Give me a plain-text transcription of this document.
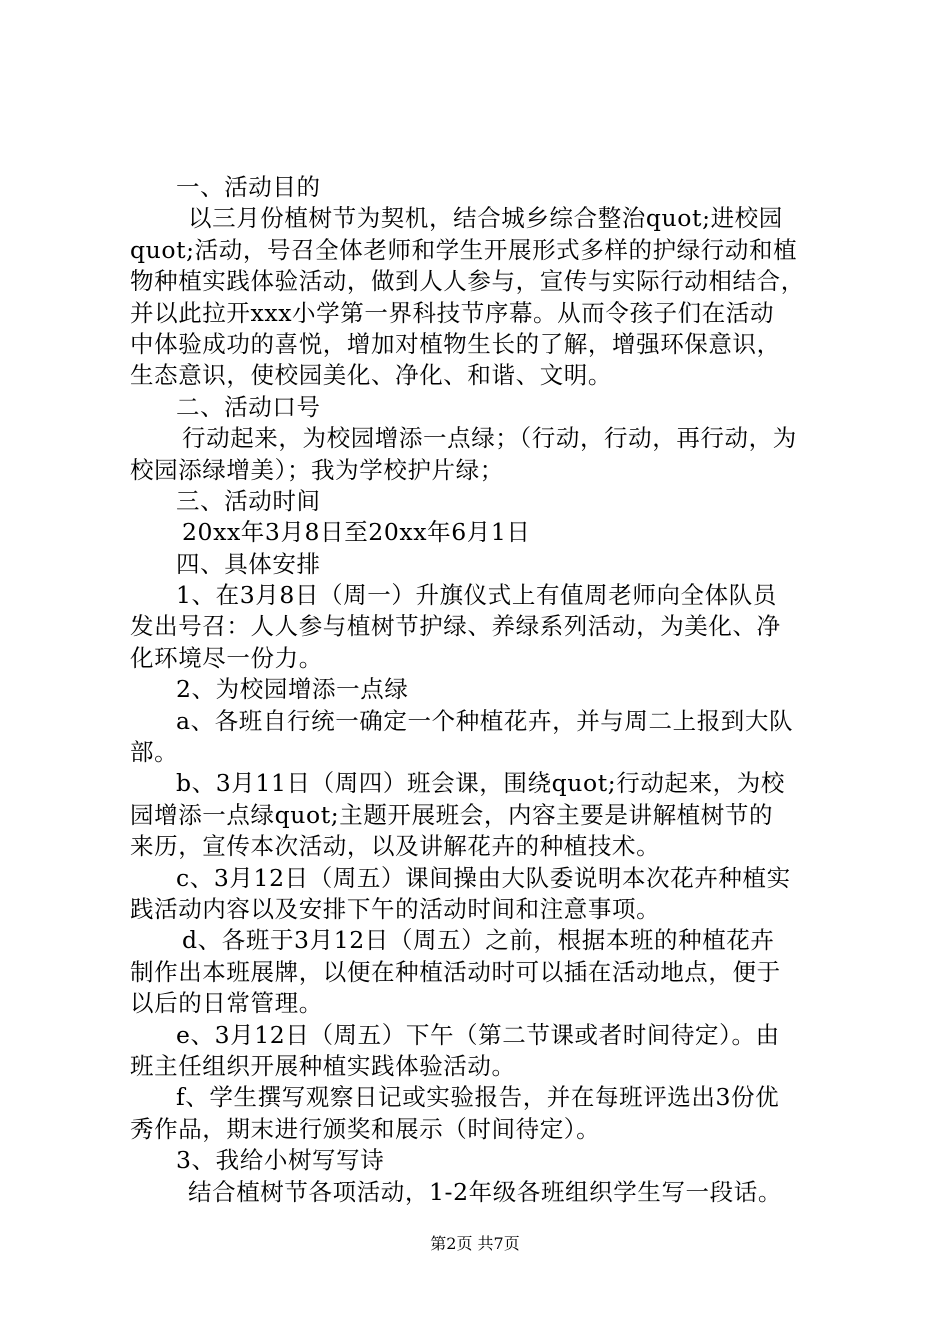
一、活动目的
以三月份植树节为契机，结合城乡综合整治quot;进校园
quot;活动，号召全体老师和学生开展形式多样的护绿行动和植
物种植实践体验活动，做到人人参与，宣传与实际行动相结合，
并以此拉开xxx小学第一界科技节序幕。从而令孩子们在活动
中体验成功的喜悦，增加对植物生长的了解，增强环保意识，
生态意识，使校园美化、净化、和谐、文明。
二、活动口号
行动起来，为校园增添一点绿；（行动，行动，再行动，为
校园添绿增美）；我为学校护片绿；
三、活动时间
20xx年3月8日至20xx年6月1日
四、具体安排
1、在3月8日（周一）升旗仪式上有值周老师向全体队员
发出号召：人人参与植树节护绿、养绿系列活动，为美化、净
化环境尽一份力。
2、为校园增添一点绿
a、各班自行统一确定一个种植花卉，并与周二上报到大队
部。
b、3月11日（周四）班会课，围绕quot;行动起来，为校
园增添一点绿quot;主题开展班会，内容主要是讲解植树节的
来历，宣传本次活动，以及讲解花卉的种植技术。
c、3月12日（周五）课间操由大队委说明本次花卉种植实
践活动内容以及安排下午的活动时间和注意事项。
d、各班于3月12日（周五）之前，根据本班的种植花卉
制作出本班展牌，以便在种植活动时可以插在活动地点，便于
以后的日常管理。
e、3月12日（周五）下午（第二节课或者时间待定）。由
班主任组织开展种植实践体验活动。
f、学生撰写观察日记或实验报告，并在每班评选出3份优
秀作品，期末进行颁奖和展示（时间待定）。
3、我给小树写写诗
结合植树节各项活动，1-2年级各班组织学生写一段话。
第2页 共7页
